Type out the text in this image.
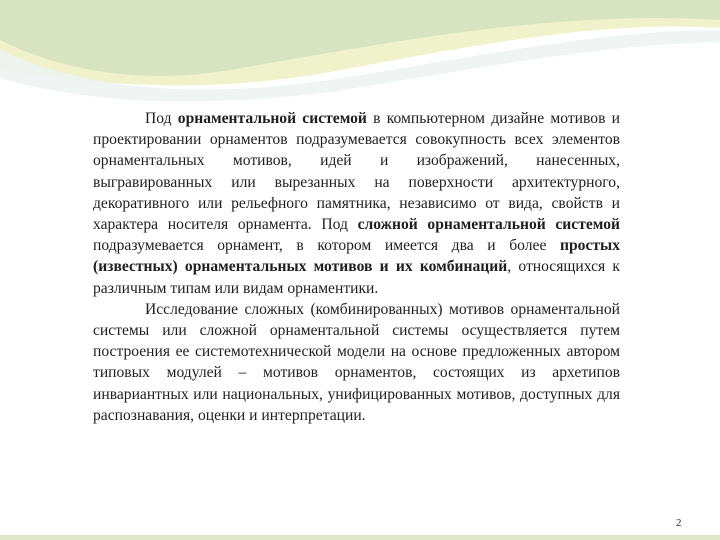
Под орнаментальной системой в компьютерном дизайне мотивов и проектировании орнаментов подразумевается совокупность всех элементов орнаментальных мотивов, идей и изображений, нанесенных, выгравированных или вырезанных на поверхности архитектурного, декоративного или рельефного памятника, независимо от вида, свойств и характера носителя орнамента. Под сложной орнаментальной системой подразумевается орнамент, в котором имеется два и более простых (известных) орнаментальных мотивов и их комбинаций, относящихся к различным типам или видам орнаментики.

Исследование сложных (комбинированных) мотивов орнаментальной системы или сложной орнаментальной системы осуществляется путем построения ее системотехнической модели на основе предложенных автором типовых модулей – мотивов орнаментов, состоящих из архетипов инвариантных или национальных, унифицированных мотивов, доступных для распознавания, оценки и интерпретации.

2
